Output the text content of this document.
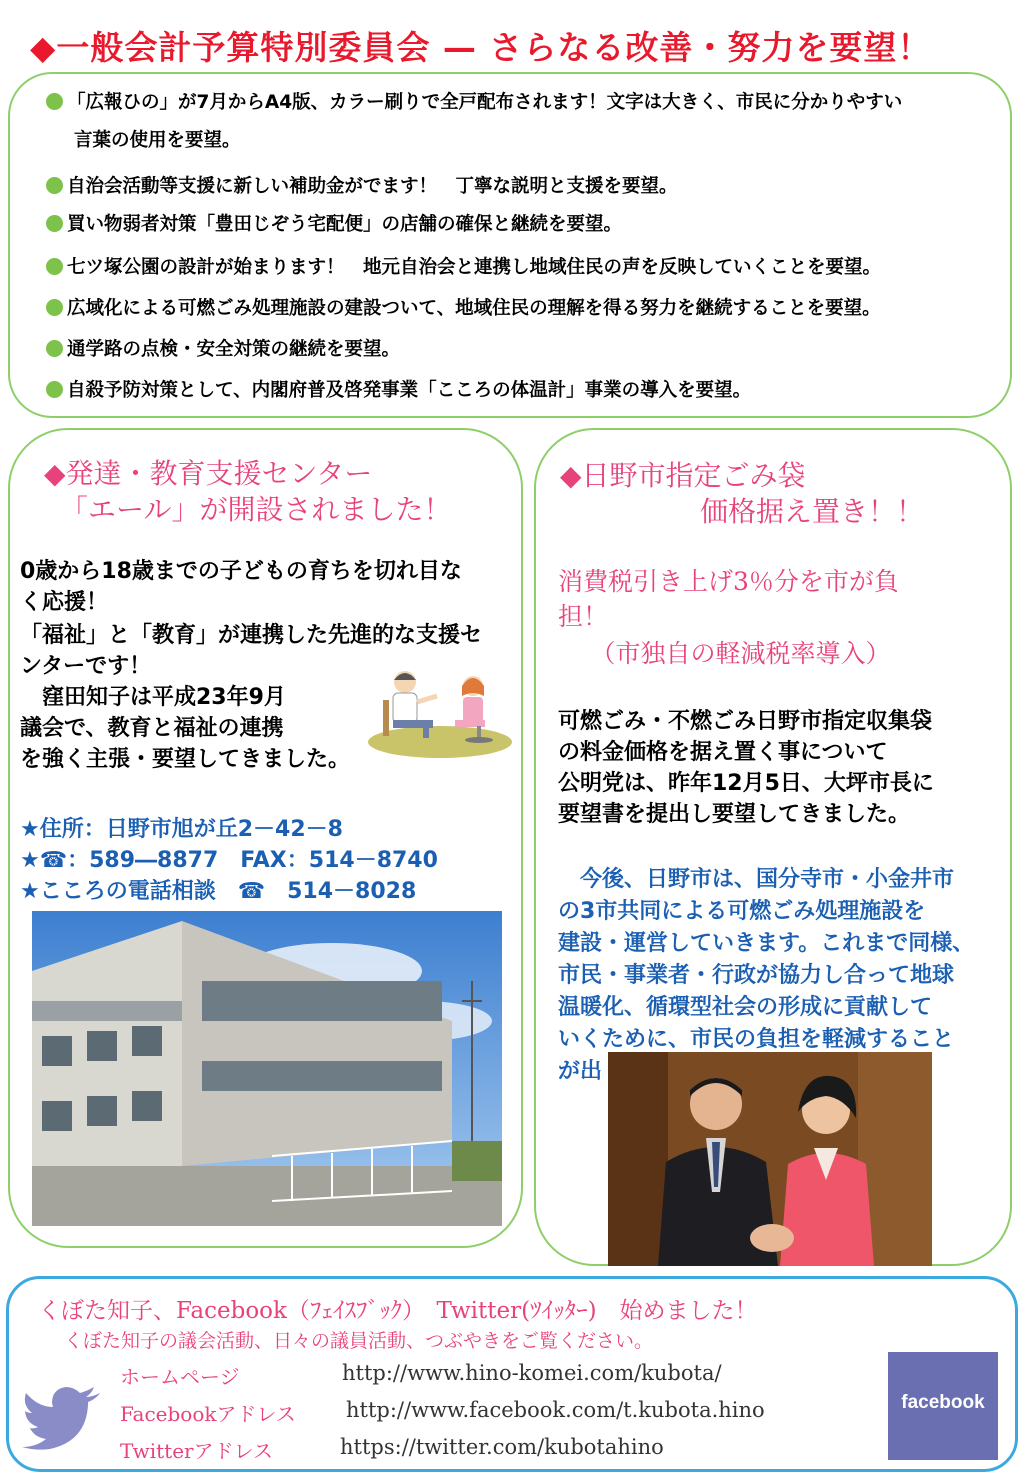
◆一般会計予算特別委員会 — さらなる改善・努力を要望！
「広報ひの」が7月からA4版、カラー刷りで全戸配布されます！文字は大きく、市民に分かりやすい
言葉の使用を要望。
自治会活動等支援に新しい補助金がでます！　丁寧な説明と支援を要望。
買い物弱者対策「豊田じぞう宅配便」の店舗の確保と継続を要望。
七ツ塚公園の設計が始まります！　地元自治会と連携し地域住民の声を反映していくことを要望。
広域化による可燃ごみ処理施設の建設ついて、地域住民の理解を得る努力を継続することを要望。
通学路の点検・安全対策の継続を要望。
自殺予防対策として、内閣府普及啓発事業「こころの体温計」事業の導入を要望。
◆発達・教育支援センター
「エール」が開設されました！
0歳から18歳までの子どもの育ちを切れ目な
く応援！
「福祉」と「教育」が連携した先進的な支援セ
ンターです！
　窪田知子は平成23年9月
議会で、教育と福祉の連携
を強く主張・要望してきました。
★住所：日野市旭が丘2－42－8
★☎：589―8877　FAX：514－8740
★こころの電話相談　☎　514－8028
◆日野市指定ごみ袋
価格据え置き！！
消費税引き上げ3％分を市が負
担！
　（市独自の軽減税率導入）
可燃ごみ・不燃ごみ日野市指定収集袋
の料金価格を据え置く事について
公明党は、昨年12月5日、大坪市長に
要望書を提出し要望してきました。
　今後、日野市は、国分寺市・小金井市
の3市共同による可燃ごみ処理施設を
建設・運営していきます。これまで同様、
市民・事業者・行政が協力し合って地球
温暖化、循環型社会の形成に貢献して
いくために、市民の負担を軽減すること
が出
くぼた知子、Facebook（ﾌｪｲｽﾌﾞｯｸ）　Twitter(ﾂｲｯﾀｰ)　始めました！
くぼた知子の議会活動、日々の議員活動、つぶやきをご覧ください。
ホームページ	http://www.hino-komei.com/kubota/
Facebookアドレス http://www.facebook.com/t.kubota.hino
Twitterアドレス	https://twitter.com/kubotahino
facebook
